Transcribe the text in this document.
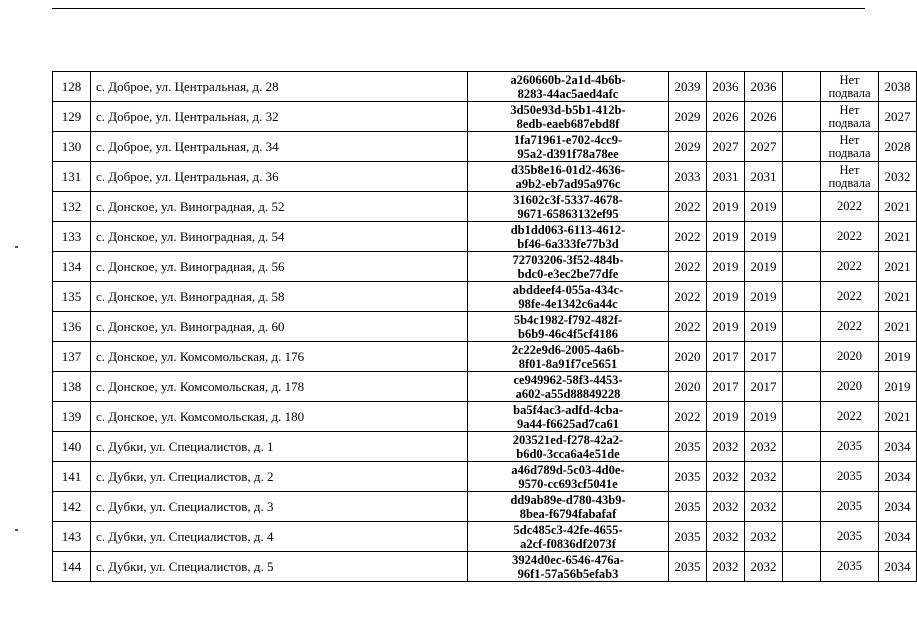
128	с. Доброе, ул. Центральная, д. 28	a260660b-2a1d-4b6b-
8283-44ac5aed4afc	2039	2036	2036		Нет
подвала	2038
129	с. Доброе, ул. Центральная, д. 32	3d50e93d-b5b1-412b-
8edb-eaeb687ebd8f	2029	2026	2026		Нет
подвала	2027
130	с. Доброе, ул. Центральная, д. 34	1fa71961-e702-4cc9-
95a2-d391f78a78ee	2029	2027	2027		Нет
подвала	2028
131	с. Доброе, ул. Центральная, д. 36	d35b8e16-01d2-4636-
a9b2-eb7ad95a976c	2033	2031	2031		Нет
подвала	2032
132	с. Донское, ул. Виноградная, д. 52	31602c3f-5337-4678-
9671-65863132ef95	2022	2019	2019		2022	2021
133	с. Донское, ул. Виноградная, д. 54	db1dd063-6113-4612-
bf46-6a333fe77b3d	2022	2019	2019		2022	2021
134	с. Донское, ул. Виноградная, д. 56	72703206-3f52-484b-
bdc0-e3ec2be77dfe	2022	2019	2019		2022	2021
135	с. Донское, ул. Виноградная, д. 58	abddeef4-055a-434c-
98fe-4e1342c6a44c	2022	2019	2019		2022	2021
136	с. Донское, ул. Виноградная, д. 60	5b4c1982-f792-482f-
b6b9-46c4f5cf4186	2022	2019	2019		2022	2021
137	с. Донское, ул. Комсомольская, д. 176	2c22e9d6-2005-4a6b-
8f01-8a91f7ce5651	2020	2017	2017		2020	2019
138	с. Донское, ул. Комсомольская, д. 178	ce949962-58f3-4453-
a602-a55d88849228	2020	2017	2017		2020	2019
139	с. Донское, ул. Комсомольская, д. 180	ba5f4ac3-adfd-4cba-
9a44-f6625ad7ca61	2022	2019	2019		2022	2021
140	с. Дубки, ул. Специалистов, д. 1	203521ed-f278-42a2-
b6d0-3cca6a4e51de	2035	2032	2032		2035	2034
141	с. Дубки, ул. Специалистов, д. 2	a46d789d-5c03-4d0e-
9570-cc693cf5041e	2035	2032	2032		2035	2034
142	с. Дубки, ул. Специалистов, д. 3	dd9ab89e-d780-43b9-
8bea-f6794fabafaf	2035	2032	2032		2035	2034
143	с. Дубки, ул. Специалистов, д. 4	5dc485c3-42fe-4655-
a2cf-f0836df2073f	2035	2032	2032		2035	2034
144	с. Дубки, ул. Специалистов, д. 5	3924d0ec-6546-476a-
96f1-57a56b5efab3	2035	2032	2032		2035	2034
